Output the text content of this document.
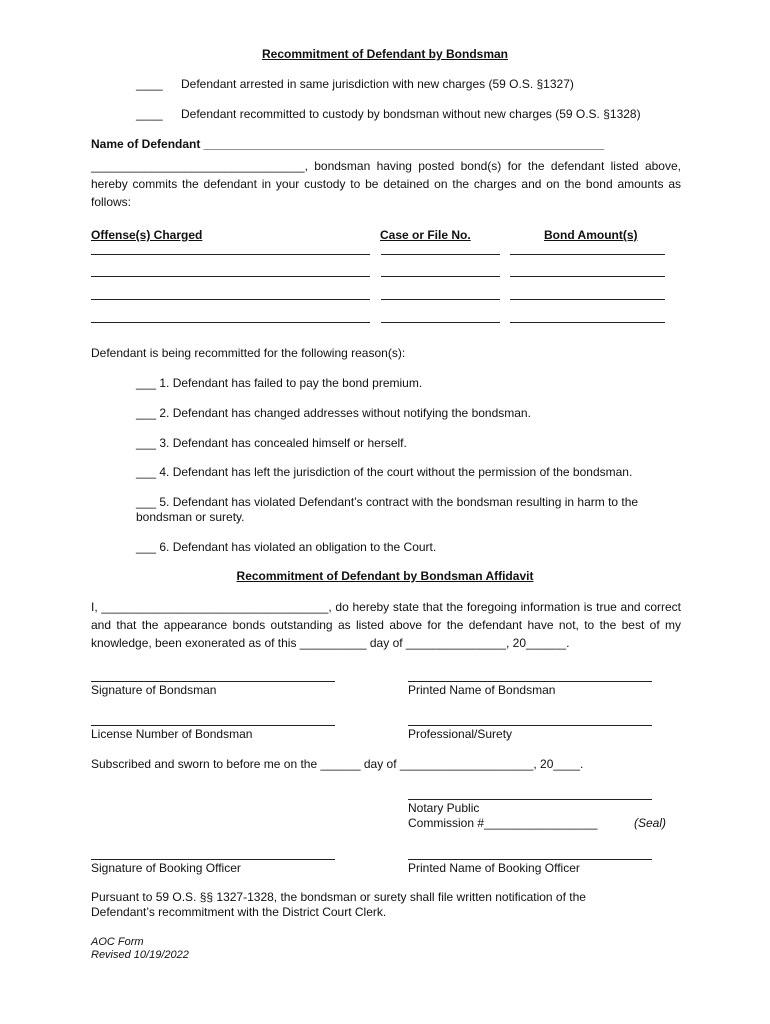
Recommitment of Defendant by Bondsman
____ Defendant arrested in same jurisdiction with new charges (59 O.S. §1327)
____ Defendant recommitted to custody by bondsman without new charges (59 O.S. §1328)
Name of Defendant ____________________________________________________________
________________________________, bondsman having posted bond(s) for the defendant listed above, hereby commits the defendant in your custody to be detained on the charges and on the bond amounts as follows:
Offense(s) Charged	Case or File No.	Bond Amount(s)
Defendant is being recommitted for the following reason(s):
___ 1. Defendant has failed to pay the bond premium.
___ 2. Defendant has changed addresses without notifying the bondsman.
___ 3. Defendant has concealed himself or herself.
___ 4. Defendant has left the jurisdiction of the court without the permission of the bondsman.
___ 5. Defendant has violated Defendant’s contract with the bondsman resulting in harm to the bondsman or surety.
___ 6. Defendant has violated an obligation to the Court.
Recommitment of Defendant by Bondsman Affidavit
I, __________________________________, do hereby state that the foregoing information is true and correct and that the appearance bonds outstanding as listed above for the defendant have not, to the best of my knowledge, been exonerated as of this __________ day of _______________, 20______.
Signature of Bondsman	Printed Name of Bondsman
License Number of Bondsman	Professional/Surety
Subscribed and sworn to before me on the ______ day of ____________________, 20____.
Notary Public
Commission #_________________	(Seal)
Signature of Booking Officer	Printed Name of Booking Officer
Pursuant to 59 O.S. §§ 1327-1328, the bondsman or surety shall file written notification of the Defendant’s recommitment with the District Court Clerk.
AOC Form
Revised 10/19/2022
